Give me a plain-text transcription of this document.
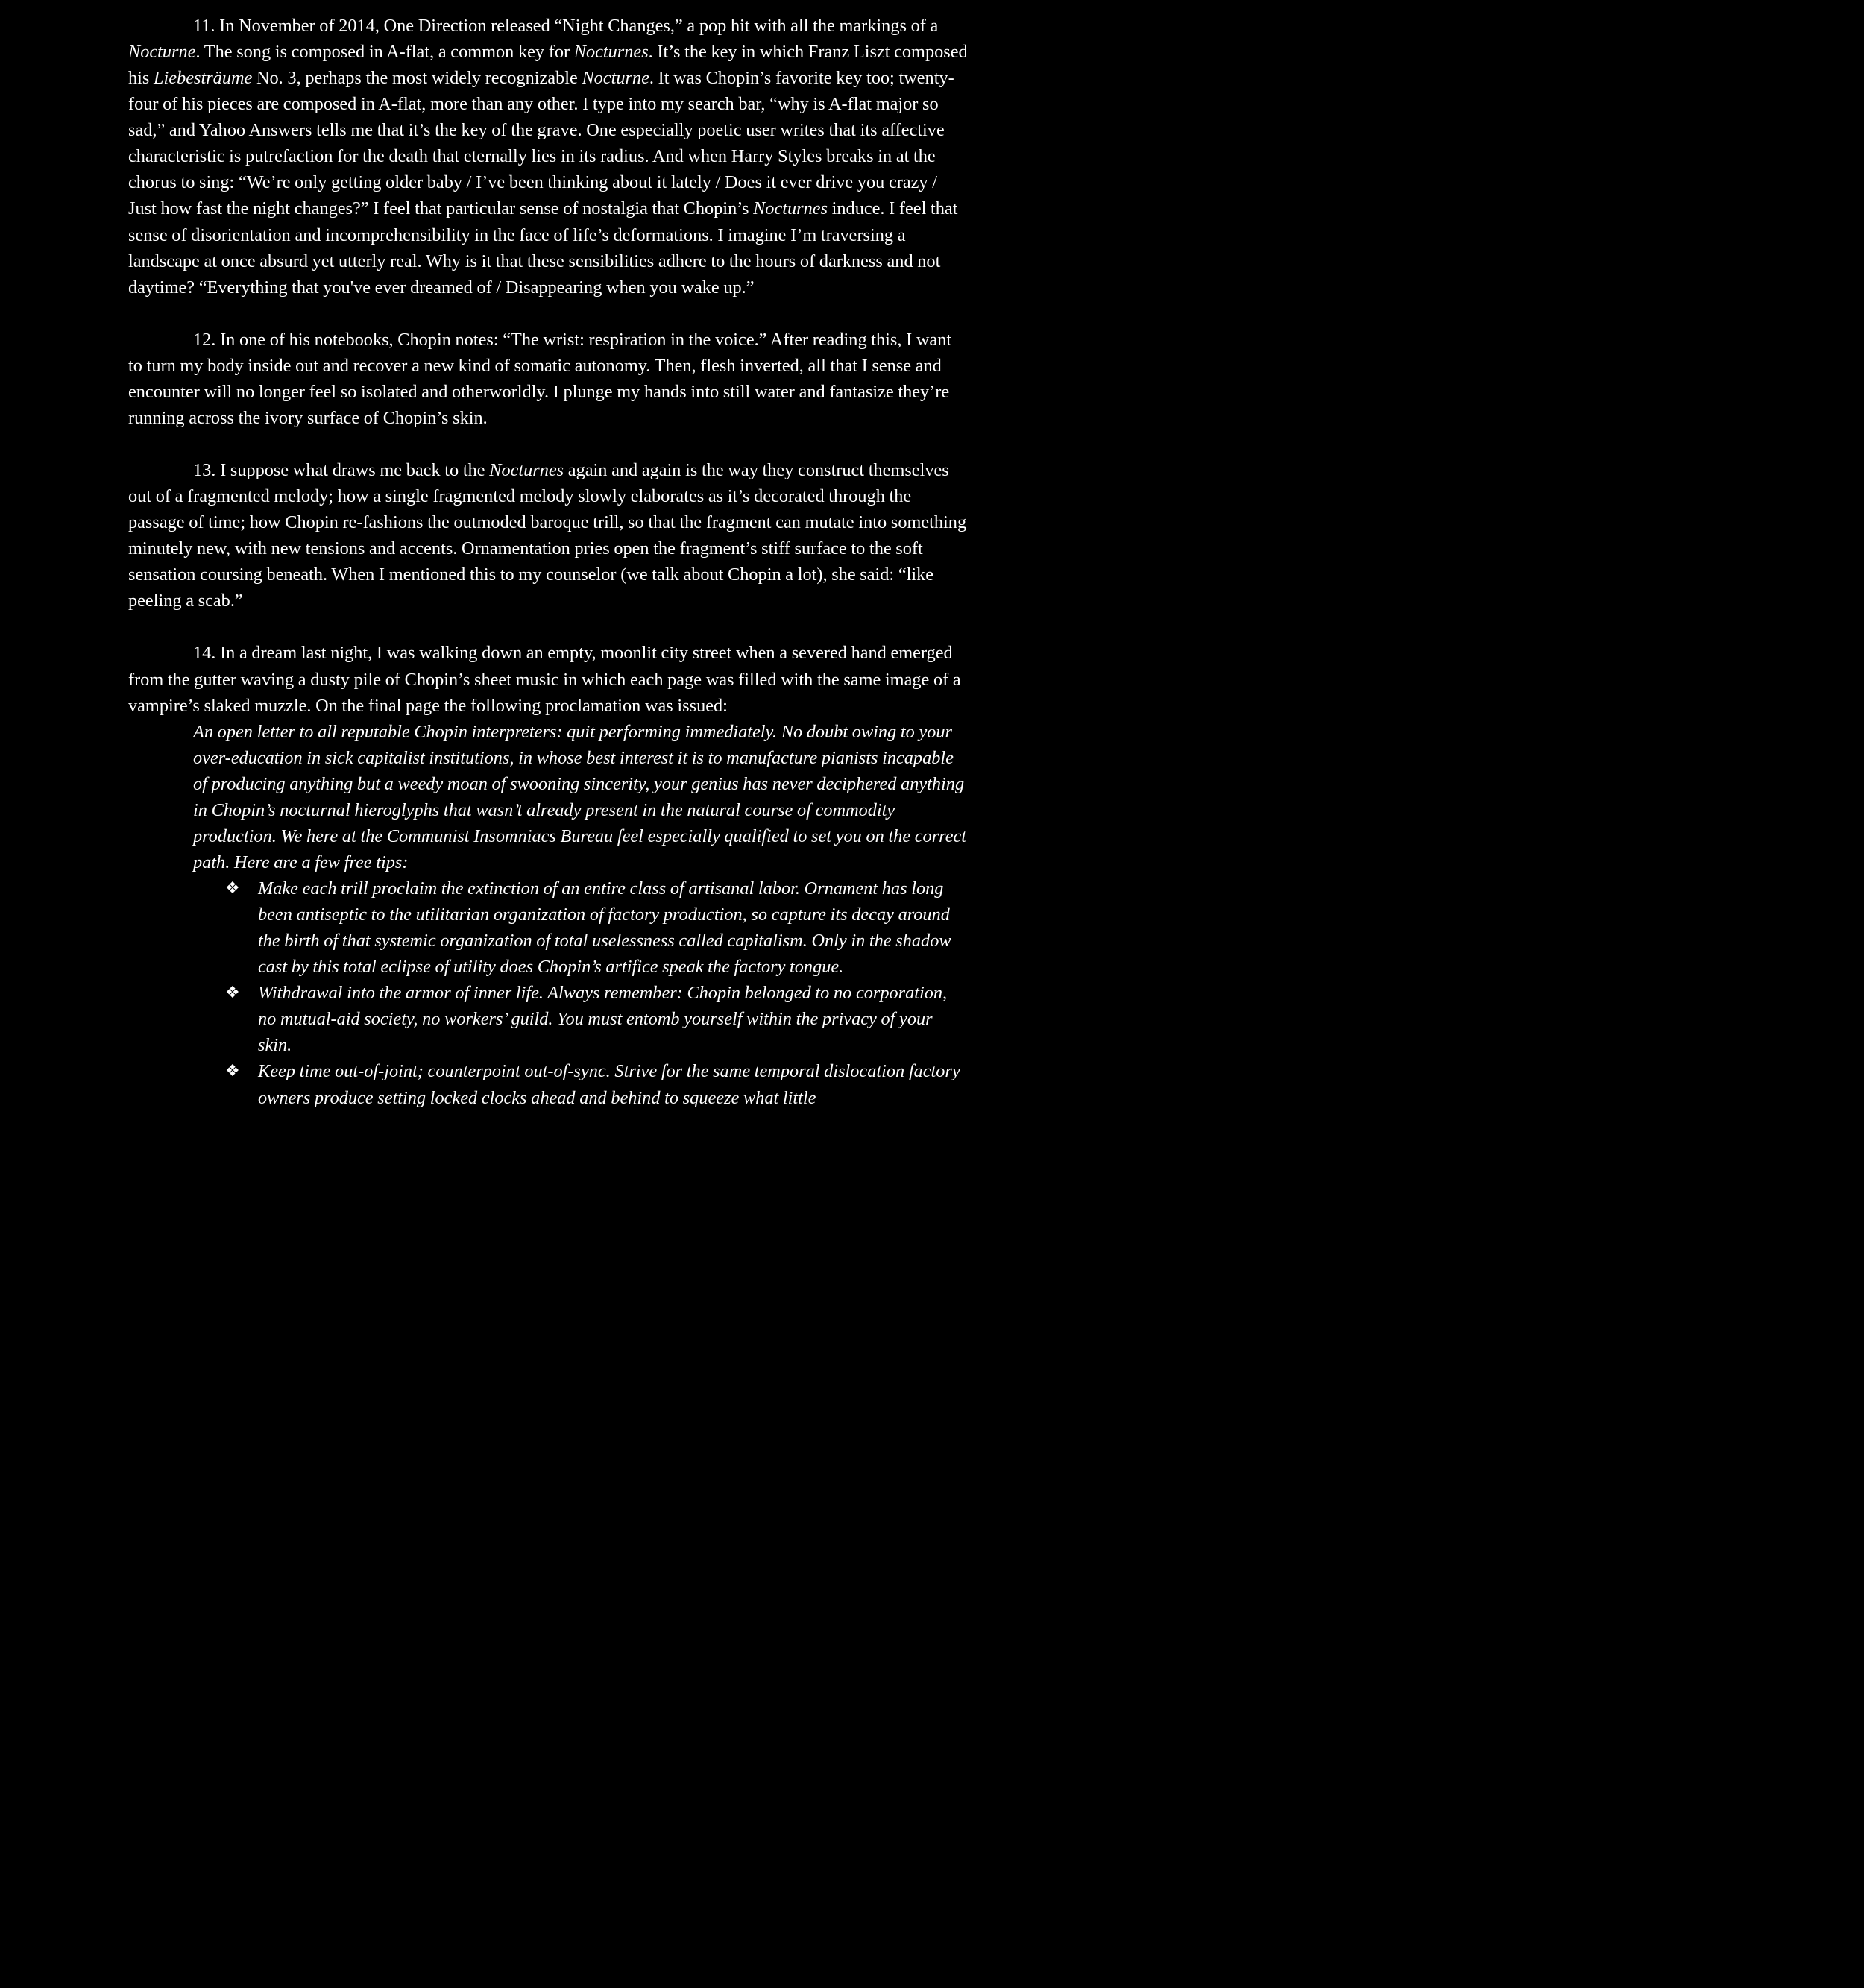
11. In November of 2014, One Direction released “Night Changes,” a pop hit with all the markings of a Nocturne. The song is composed in A-flat, a common key for Nocturnes. It’s the key in which Franz Liszt composed his Liebesträume No. 3, perhaps the most widely recognizable Nocturne. It was Chopin’s favorite key too; twenty-four of his pieces are composed in A-flat, more than any other. I type into my search bar, “why is A-flat major so sad,” and Yahoo Answers tells me that it’s the key of the grave. One especially poetic user writes that its affective characteristic is putrefaction for the death that eternally lies in its radius. And when Harry Styles breaks in at the chorus to sing: “We’re only getting older baby / I’ve been thinking about it lately / Does it ever drive you crazy / Just how fast the night changes?” I feel that particular sense of nostalgia that Chopin’s Nocturnes induce. I feel that sense of disorientation and incomprehensibility in the face of life’s deformations. I imagine I’m traversing a landscape at once absurd yet utterly real. Why is it that these sensibilities adhere to the hours of darkness and not daytime? “Everything that you've ever dreamed of / Disappearing when you wake up.”

12. In one of his notebooks, Chopin notes: “The wrist: respiration in the voice.” After reading this, I want to turn my body inside out and recover a new kind of somatic autonomy. Then, flesh inverted, all that I sense and encounter will no longer feel so isolated and otherworldly. I plunge my hands into still water and fantasize they’re running across the ivory surface of Chopin’s skin.

13. I suppose what draws me back to the Nocturnes again and again is the way they construct themselves out of a fragmented melody; how a single fragmented melody slowly elaborates as it’s decorated through the passage of time; how Chopin re-fashions the outmoded baroque trill, so that the fragment can mutate into something minutely new, with new tensions and accents. Ornamentation pries open the fragment’s stiff surface to the soft sensation coursing beneath. When I mentioned this to my counselor (we talk about Chopin a lot), she said: “like peeling a scab.”

14. In a dream last night, I was walking down an empty, moonlit city street when a severed hand emerged from the gutter waving a dusty pile of Chopin’s sheet music in which each page was filled with the same image of a vampire’s slaked muzzle. On the final page the following proclamation was issued:

An open letter to all reputable Chopin interpreters: quit performing immediately. No doubt owing to your over-education in sick capitalist institutions, in whose best interest it is to manufacture pianists incapable of producing anything but a weedy moan of swooning sincerity, your genius has never deciphered anything in Chopin’s nocturnal hieroglyphs that wasn’t already present in the natural course of commodity production. We here at the Communist Insomniacs Bureau feel especially qualified to set you on the correct path. Here are a few free tips:
❖ Make each trill proclaim the extinction of an entire class of artisanal labor. Ornament has long been antiseptic to the utilitarian organization of factory production, so capture its decay around the birth of that systemic organization of total uselessness called capitalism. Only in the shadow cast by this total eclipse of utility does Chopin’s artifice speak the factory tongue.
❖ Withdrawal into the armor of inner life. Always remember: Chopin belonged to no corporation, no mutual-aid society, no workers’ guild. You must entomb yourself within the privacy of your skin.
❖ Keep time out-of-joint; counterpoint out-of-sync. Strive for the same temporal dislocation factory owners produce setting locked clocks ahead and behind to squeeze what little
